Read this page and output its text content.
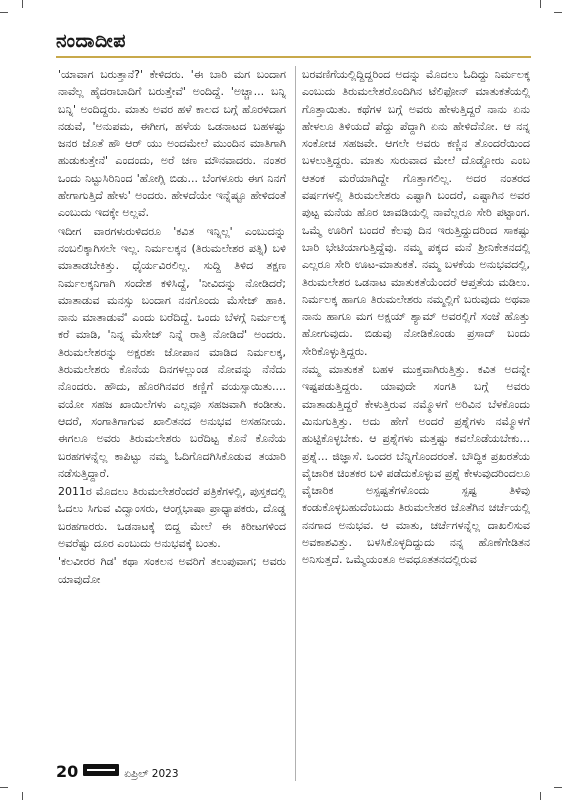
ನಂದಾದೀಪ

'ಯಾವಾಗ ಬರುತ್ತಾನೆ?' ಕೇಳಿದರು. 'ಈ ಬಾರಿ ಮಗ ಬಂದಾಗ ನಾವೆಲ್ಲ ಹೈದರಾಬಾದಿಗೆ ಬರುತ್ತೇವೆ' ಅಂದಿದ್ದೆ. 'ಅಚ್ಚಾ... ಬನ್ನಿ ಬನ್ನಿ' ಅಂದಿದ್ದರು. ಮಾತು ಅವರ ಹಳೆ ಕಾಲದ ಬಗ್ಗೆ ಹೊರಳಿದಾಗ ನಡುವೆ, 'ಅನುಪಮ, ಈಗೀಗ, ಹಳೆಯ ಒಡನಾಟದ ಬಹಳಷ್ಟು ಜನರ ಜೊತೆ ಹೌ ಆರ್ ಯು ಅಂದಮೇಲೆ ಮುಂದಿನ ಮಾತಿಗಾಗಿ ಹುಡುಕುತ್ತೇನೆ' ಎಂದಂದು, ಅರೆ ಚಣ ಮೌನವಾದರು. ನಂತರ ಒಂದು ನಿಟ್ಟುಸಿರಿನಿಂದ 'ಹೋಗ್ಲಿ ಬಿಡು... ಬೆಂಗಳೂರು ಈಗ ನಿನಗೆ ಹೇಗಾಗುತ್ತಿದೆ ಹೇಳು' ಅಂದರು. ಹೇಳದೆಯೇ ಇನ್ನೆಷ್ಟೂ ಹೇಳಿದಂತೆ ಎಂಬುದು ಇದಕ್ಕೇ ಅಲ್ಲವೆ.

ಇದೀಗ ವಾರಗಳುರುಳಿದರೂ 'ಕವಿತ ಇನ್ನಿಲ್ಲ' ಎಂಬುದನ್ನು ನಂಬಲಿಕ್ಕಾಗಿಸಲೇ ಇಲ್ಲ. ನಿರ್ಮಲಕ್ಕನ (ತಿರುಮಲೇಶರ ಪತ್ನಿ) ಬಳಿ ಮಾತಾಡಬೇಕಿತ್ತು. ಧೈರ್ಯವಿರಲಿಲ್ಲ. ಸುದ್ದಿ ತಿಳಿದ ತಕ್ಷಣ ನಿರ್ಮಲಕ್ಕನಿಗಾಗಿ ಸಂದೇಶ ಕಳಿಸಿದ್ದೆ, 'ನೀವಿದನ್ನು ನೋಡಿದರೆ; ಮಾತಾಡುವ ಮನಸ್ಸು ಬಂದಾಗ ನನಗೊಂದು ಮೆಸೇಜ್ ಹಾಕಿ. ನಾನು ಮಾತಾಡುವೆ' ಎಂದು ಬರೆದಿದ್ದೆ. ಒಂದು ಬೆಳಗ್ಗೆ ನಿರ್ಮಲಕ್ಕ ಕರೆ ಮಾಡಿ, 'ನಿನ್ನ ಮೆಸೇಜ್ ನಿನ್ನೆ ರಾತ್ರಿ ನೋಡಿದೆ' ಅಂದರು. ತಿರುಮಲೇಶರನ್ನು ಅಕ್ಷರಶಃ ಜೋಪಾನ ಮಾಡಿದ ನಿರ್ಮಲಕ್ಕ, ತಿರುಮಲೇಶರು ಕೊನೆಯ ದಿನಗಳಲ್ಲುಂಡ ನೋವನ್ನು ನೆನೆದು ನೊಂದರು. ಹೌದು, ಹೊರಗಿನವರ ಕಣ್ಣಿಗೆ ವಯಸ್ಸಾಯಿತು.... ವಯೋ ಸಹಜ ಖಾಯಿಲೆಗಳು ಎಲ್ಲವೂ ಸಹಜವಾಗಿ ಕಂಡೀತು. ಆದರೆ, ಸಂಗಾತಿಗಾಗುವ ಖಾಲಿತನದ ಅನುಭವ ಅಸಹನೀಯ. ಈಗಲೂ ಅವರು ತಿರುಮಲೇಶರು ಬರೆದಿಟ್ಟ ಕೊನೆ ಕೊನೆಯ ಬರಹಗಳನ್ನೆಲ್ಲ ಕಾಪಿಟ್ಟು ನಮ್ಮ ಓದಿಗೊದಗಿಸಿಕೊಡುವ ತಯಾರಿ ನಡೆಸುತ್ತಿದ್ದಾರೆ.

2011ರ ಮೊದಲು ತಿರುಮಲೇಶರೆಂದರೆ ಪತ್ರಿಕೆಗಳಲ್ಲಿ, ಪುಸ್ತಕದಲ್ಲಿ ಓದಲು ಸಿಗುವ ವಿದ್ವಾಂಸರು, ಆಂಗ್ಲಭಾಷಾ ಪ್ರಾಧ್ಯಾಪಕರು, ದೊಡ್ಡ ಬರಹಗಾರರು. ಒಡನಾಟಕ್ಕೆ ಬಿದ್ದ ಮೇಲೆ ಈ ಕಿರೀಟಗಳಿಂದ ಅವರೆಷ್ಟು ದೂರ ಎಂಬುದು ಅನುಭವಕ್ಕೆ ಬಂತು.

'ಕಲವೀರರ ಗಿಡ' ಕಥಾ ಸಂಕಲನ ಅವರಿಗೆ ತಲುಪುವಾಗ; ಅವರು ಯಾವುದೋ

ಬರವಣಿಗೆಯಲ್ಲಿದ್ದಿದ್ದರಿಂದ ಅದನ್ನು ಮೊದಲು ಓದಿದ್ದು ನಿರ್ಮಲಕ್ಕ ಎಂಬುದು ತಿರುಮಲೇಶರೊಂದಿಗಿನ ಟೆಲಿಫೋನ್ ಮಾತುಕತೆಯಲ್ಲಿ ಗೊತ್ತಾಯಿತು. ಕಥೆಗಳ ಬಗ್ಗೆ ಅವರು ಹೇಳುತ್ತಿದ್ದರೆ ನಾನು ಏನು ಹೇಳಲೂ ತಿಳಿಯದೆ ಪೆದ್ದು ಪೆದ್ದಾಗಿ ಏನು ಹೇಳಿದೆನೋ. ಆ ನನ್ನ ಸಂಕೋಚ ಸಹಜವೇ. ಆಗಲೇ ಅವರು ಕಣ್ಣಿನ ತೊಂದರೆಯಿಂದ ಬಳಲುತ್ತಿದ್ದರು. ಮಾತು ಸುರುವಾದ ಮೇಲೆ ದೊಡ್ಡೋರು ಎಂಬ ಆತಂಕ ಮರೆಯಾಗಿದ್ದೇ ಗೊತ್ತಾಗಲಿಲ್ಲ. ಅದರ ನಂತರದ ವರ್ಷಗಳಲ್ಲಿ ತಿರುಮಲೇಶರು ಎಷ್ಟಾಗಿ ಬಂದರೆ, ಎಷ್ಟಾಗಿನ ಅವರ ಪುಟ್ಟ ಮನೆಯ ಹೊರ ಚಾವಡಿಯಲ್ಲಿ ನಾವೆಲ್ಲರೂ ಸೇರಿ ಪಟ್ಟಾಂಗ. ಒಮ್ಮೆ ಊರಿಗೆ ಬಂದರೆ ಕೆಲವು ದಿನ ಇರುತ್ತಿದ್ದುದರಿಂದ ಸಾಕಷ್ಟು ಬಾರಿ ಭೇಟಿಯಾಗುತ್ತಿದ್ದೆವು. ನಮ್ಮ ಪಕ್ಕದ ಮನೆ ಶ್ರೀನಿಕೇತನದಲ್ಲಿ ಎಲ್ಲರೂ ಸೇರಿ ಊಟ-ಮಾತುಕತೆ. ನಮ್ಮ ಬಳಕೆಯ ಅನುಭವದಲ್ಲಿ, ತಿರುಮಲೇಶರ ಒಡನಾಟ ಮಾತುಕತೆಯೆಂದರೆ ಆಪ್ತತೆಯ ಮಡಿಲು. ನಿರ್ಮಲಕ್ಕ ಹಾಗೂ ತಿರುಮಲೇಶರು ನಮ್ಮಲ್ಲಿಗೆ ಬರುವುದು ಅಥವಾ ನಾನು ಹಾಗೂ ಮಗ ಅಕ್ಷಯ್ ಶ್ಯಾಮ್ ಅವರಲ್ಲಿಗೆ ಸಂಜೆ ಹೊತ್ತು ಹೋಗುವುದು. ಬಿಡುವು ನೋಡಿಕೊಂಡು ಪ್ರಸಾದ್ ಬಂದು ಸೇರಿಕೊಳ್ಳುತ್ತಿದ್ದರು.

ನಮ್ಮ ಮಾತುಕತೆ ಬಹಳ ಮುಕ್ತವಾಗಿರುತ್ತಿತ್ತು. ಕವಿತ ಅದನ್ನೇ ಇಷ್ಟಪಡುತ್ತಿದ್ದರು. ಯಾವುದೇ ಸಂಗತಿ ಬಗ್ಗೆ ಅವರು ಮಾತಾಡುತ್ತಿದ್ದರೆ ಕೇಳುತ್ತಿರುವ ನಮ್ಮೊಳಗೆ ಅರಿವಿನ ಬೆಳಕೊಂದು ಮಿನುಗುತ್ತಿತ್ತು. ಅದು ಹೇಗೆ ಅಂದರೆ ಪ್ರಶ್ನೆಗಳು ನಮ್ಮೊಳಗೆ ಹುಟ್ಟಿಕೊಳ್ಳಬೇಕು. ಆ ಪ್ರಶ್ನೆಗಳು ಮತ್ತಷ್ಟು ಕವಲೊಡೆಯಬೇಕು... ಪ್ರಶ್ನೆ... ಜಿಜ್ಞಾಸೆ. ಒಂದರ ಬೆನ್ನಿಗೊಂದರಂತೆ. ಬೌದ್ಧಿಕ ಪ್ರಖರತೆಯ ವೈಚಾರಿಕ ಚಿಂತಕರ ಬಳಿ ಪಡೆದುಕೊಳ್ಳುವ ಪ್ರಶ್ನೆ ಕೇಳುವುದರಿಂದಲೂ ವೈಚಾರಿಕ ಅಸ್ಪಷ್ಟತೆಗಳೊಂದು ಸ್ಪಷ್ಟ ತಿಳಿವು ಕಂಡುಕೊಳ್ಳಬಹುದೆಂಬುದು ತಿರುಮಲೇಶರ ಜೊತೆಗಿನ ಚರ್ಚೆಯಲ್ಲಿ ನನಗಾದ ಅನುಭವ. ಆ ಮಾತು, ಚರ್ಚೆಗಳನ್ನೆಲ್ಲ ದಾಖಲಿಸುವ ಅವಕಾಶವಿತ್ತು. ಬಳಸಿಕೊಳ್ಳದಿದ್ದುದು ನನ್ನ ಹೊಣೆಗೇಡಿತನ ಅನಿಸುತ್ತದೆ. ಒಮ್ಮೆಯಂತೂ ಅವಧೂತತನದಲ್ಲಿರುವ

20	ಏಪ್ರಿಲ್ 2023
